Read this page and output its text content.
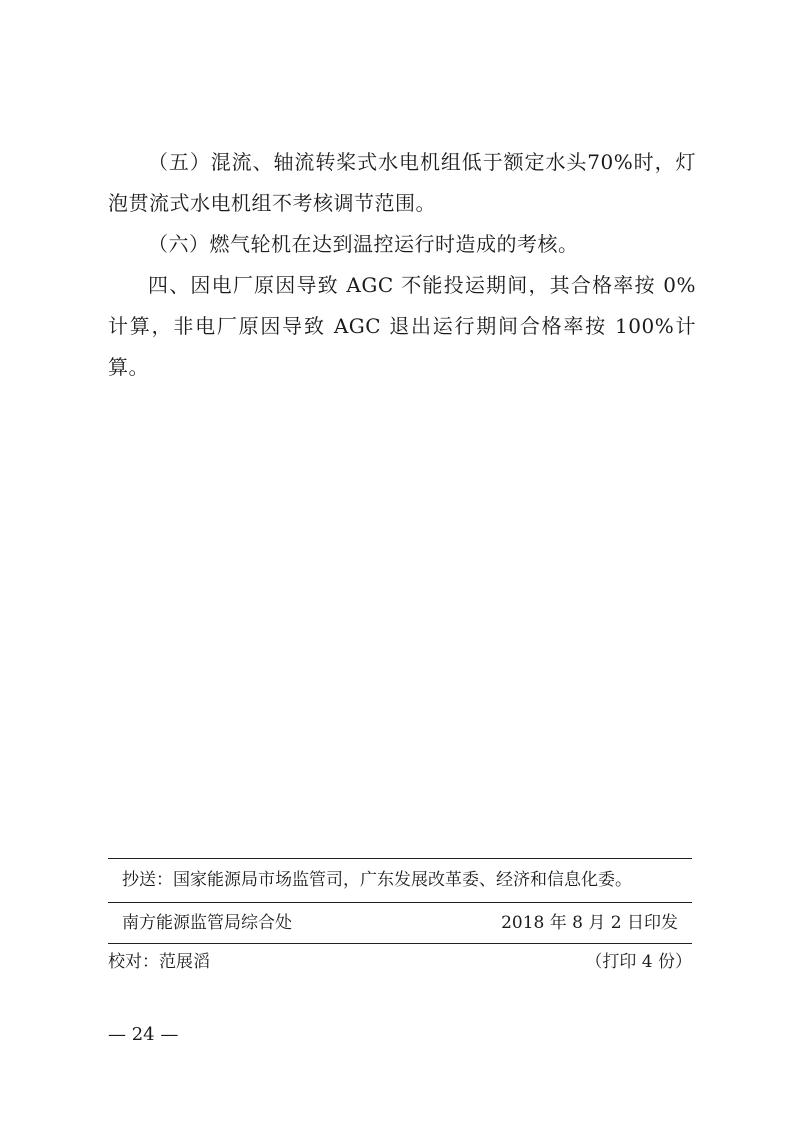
（五）混流、轴流转桨式水电机组低于额定水头70%时，灯泡贯流式水电机组不考核调节范围。

（六）燃气轮机在达到温控运行时造成的考核。

四、因电厂原因导致 AGC 不能投运期间，其合格率按 0%计算，非电厂原因导致 AGC 退出运行期间合格率按 100%计算。

抄送：国家能源局市场监管司，广东发展改革委、经济和信息化委。
南方能源监管局综合处	2018 年 8 月 2 日印发
校对：范展滔	（打印 4 份）
— 24 —
